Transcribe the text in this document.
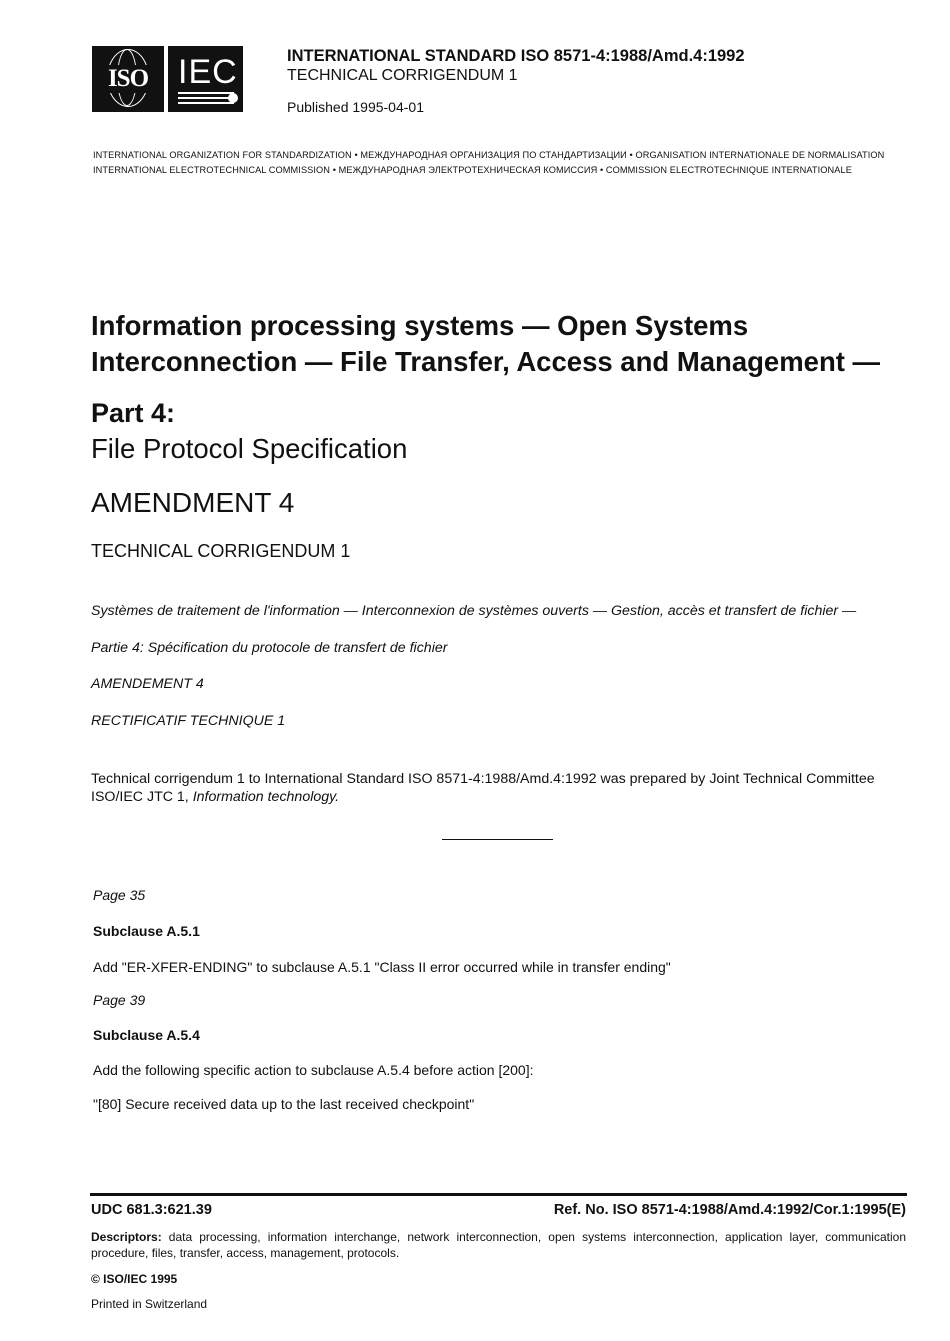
ISO IEC	INTERNATIONAL STANDARD ISO 8571-4:1988/Amd.4:1992
TECHNICAL CORRIGENDUM 1
Published 1995-04-01
INTERNATIONAL ORGANIZATION FOR STANDARDIZATION • МЕЖДУНАРОДНАЯ ОРГАНИЗАЦИЯ ПО СТАНДАРТИЗАЦИИ • ORGANISATION INTERNATIONALE DE NORMALISATION
INTERNATIONAL ELECTROTECHNICAL COMMISSION • МЕЖДУНАРОДНАЯ ЭЛЕКТРОТЕХНИЧЕСКАЯ КОМИССИЯ • COMMISSION ELECTROTECHNIQUE INTERNATIONALE
Information processing systems — Open Systems
Interconnection — File Transfer, Access and Management —
Part 4:
File Protocol Specification
AMENDMENT 4
TECHNICAL CORRIGENDUM 1
Systèmes de traitement de l'information — Interconnexion de systèmes ouverts — Gestion, accès et transfert de fichier —
Partie 4: Spécification du protocole de transfert de fichier
AMENDEMENT 4
RECTIFICATIF TECHNIQUE 1
Technical corrigendum 1 to International Standard ISO 8571-4:1988/Amd.4:1992 was prepared by Joint Technical Committee ISO/IEC JTC 1, Information technology.
Page 35
Subclause A.5.1
Add "ER-XFER-ENDING" to subclause A.5.1 "Class II error occurred while in transfer ending"
Page 39
Subclause A.5.4
Add the following specific action to subclause A.5.4 before action [200]:
"[80] Secure received data up to the last received checkpoint"
UDC 681.3:621.39	Ref. No. ISO 8571-4:1988/Amd.4:1992/Cor.1:1995(E)
Descriptors: data processing, information interchange, network interconnection, open systems interconnection, application layer, communication procedure, files, transfer, access, management, protocols.
© ISO/IEC 1995
Printed in Switzerland
